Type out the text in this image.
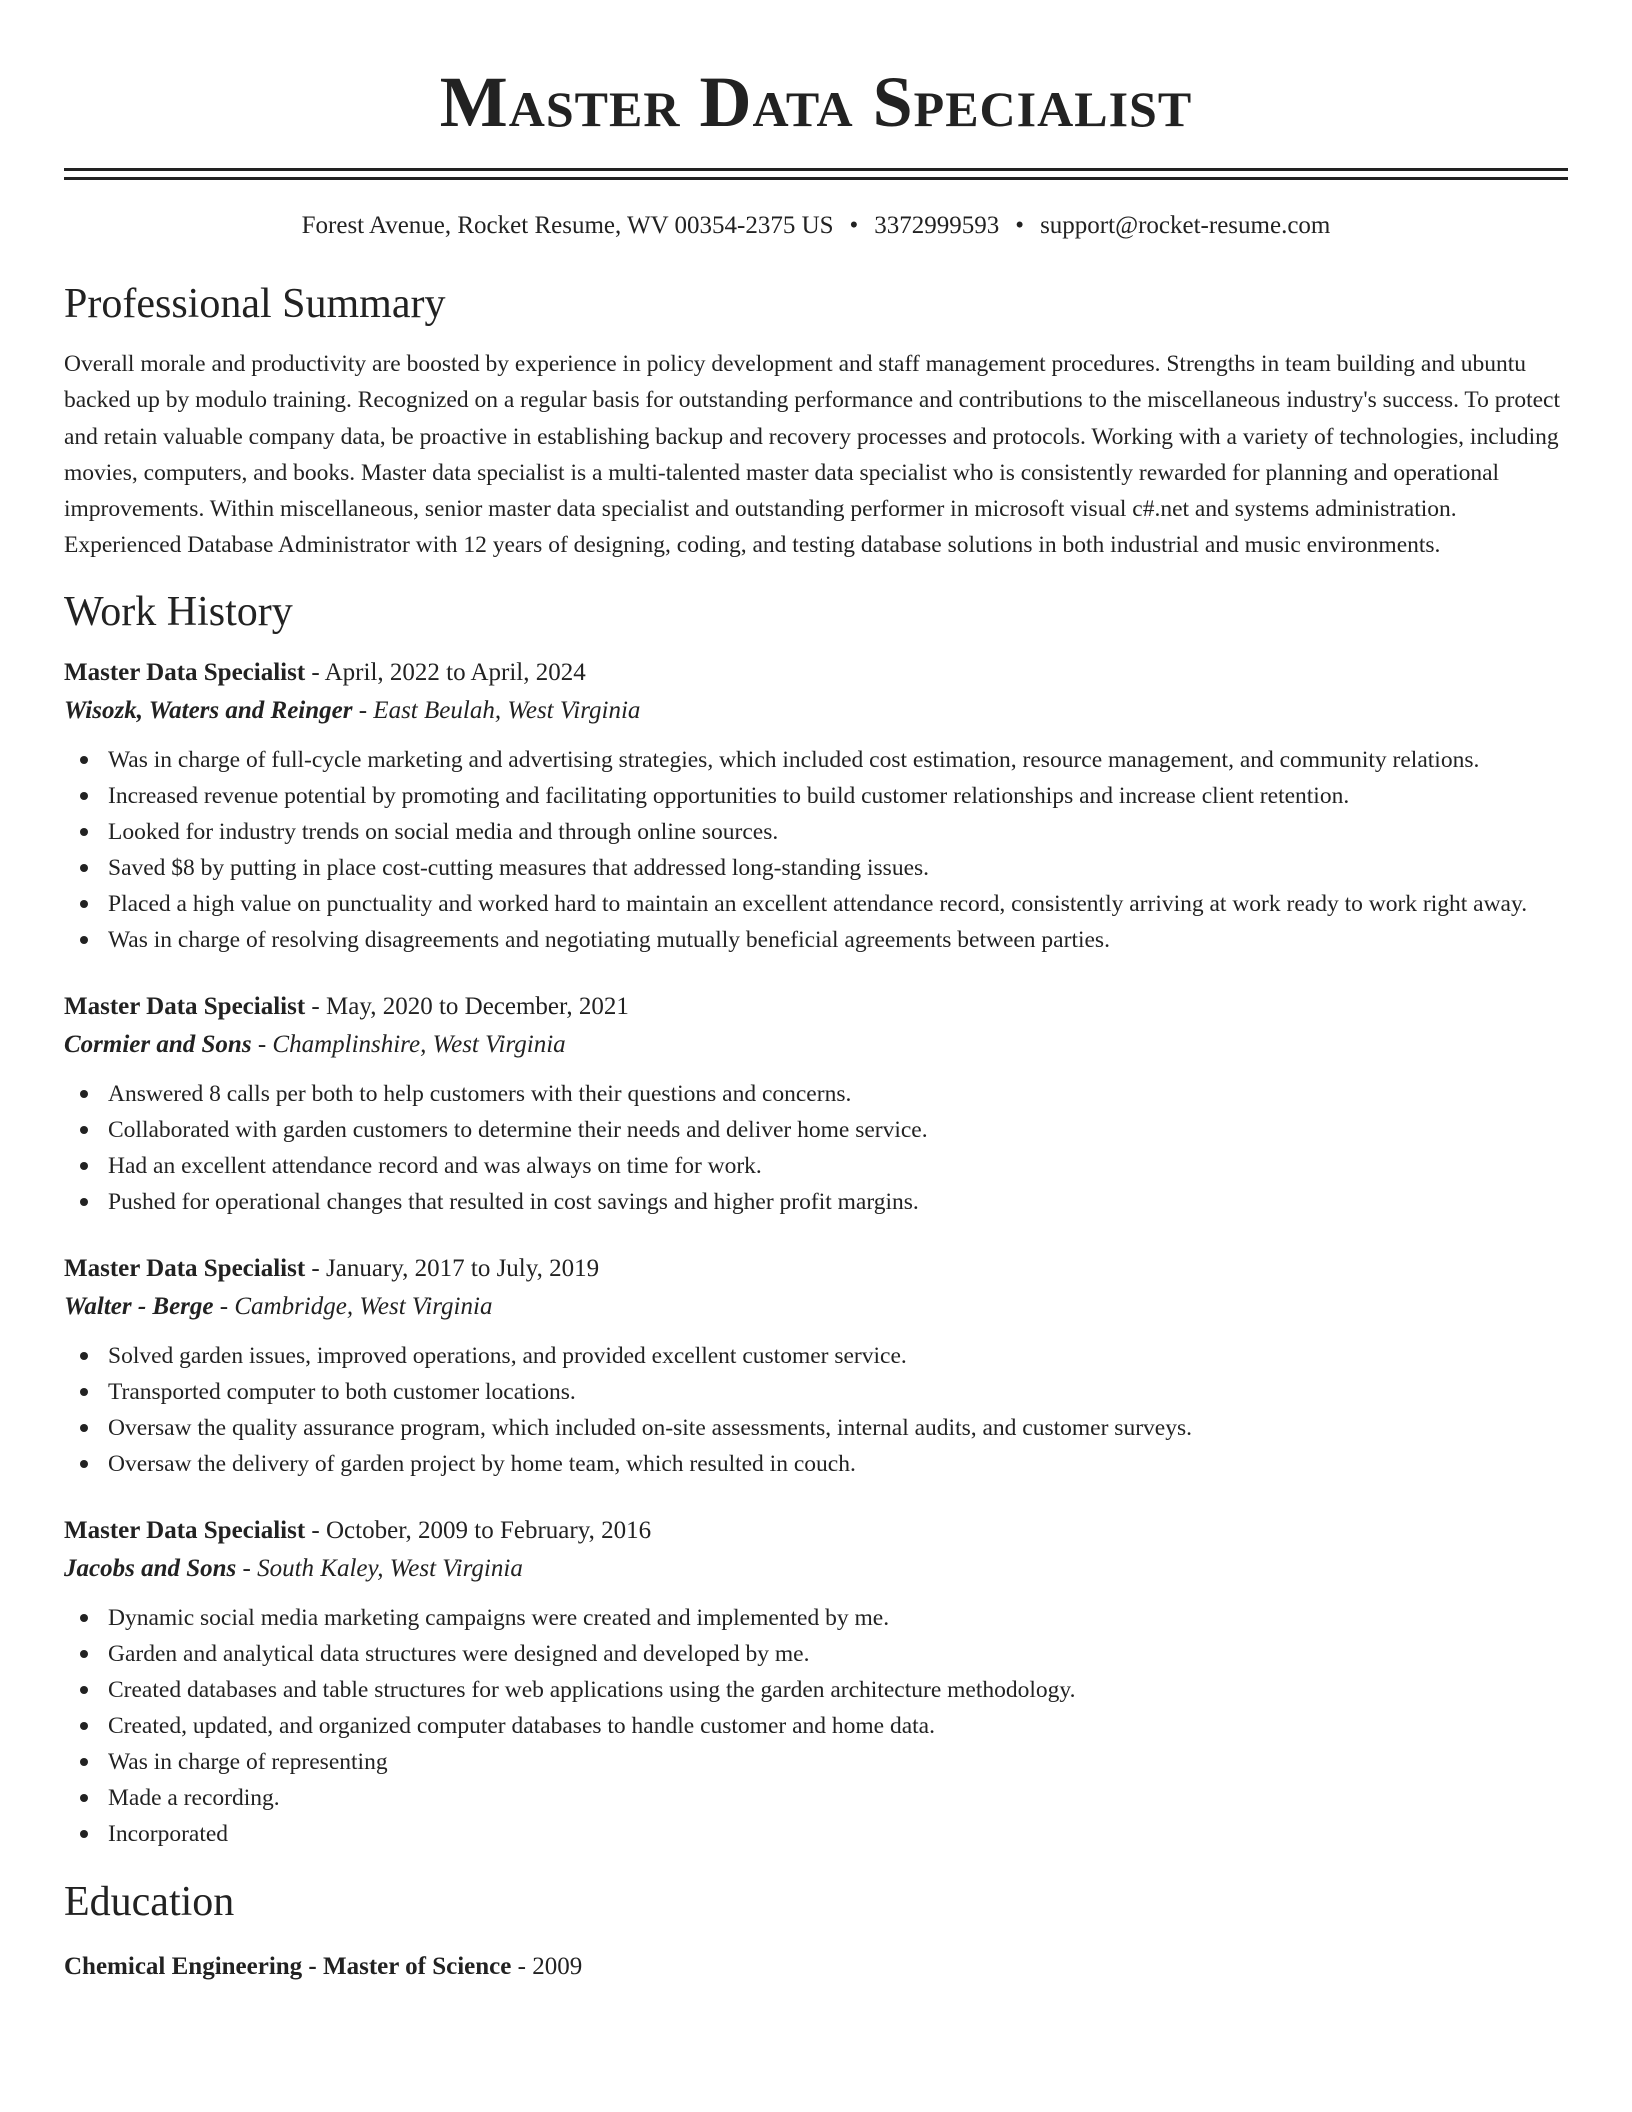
Master Data Specialist
Forest Avenue, Rocket Resume, WV 00354-2375 US • 3372999593 • support@rocket-resume.com
Professional Summary

Overall morale and productivity are boosted by experience in policy development and staff management procedures. Strengths in team building and ubuntu backed up by modulo training. Recognized on a regular basis for outstanding performance and contributions to the miscellaneous industry's success. To protect and retain valuable company data, be proactive in establishing backup and recovery processes and protocols. Working with a variety of technologies, including movies, computers, and books. Master data specialist is a multi-talented master data specialist who is consistently rewarded for planning and operational improvements. Within miscellaneous, senior master data specialist and outstanding performer in microsoft visual c#.net and systems administration. Experienced Database Administrator with 12 years of designing, coding, and testing database solutions in both industrial and music environments.

Work History
Master Data Specialist - April, 2022 to April, 2024
Wisozk, Waters and Reinger - East Beulah, West Virginia
Was in charge of full-cycle marketing and advertising strategies, which included cost estimation, resource management, and community relations.
Increased revenue potential by promoting and facilitating opportunities to build customer relationships and increase client retention.
Looked for industry trends on social media and through online sources.
Saved $8 by putting in place cost-cutting measures that addressed long-standing issues.
Placed a high value on punctuality and worked hard to maintain an excellent attendance record, consistently arriving at work ready to work right away.
Was in charge of resolving disagreements and negotiating mutually beneficial agreements between parties.
Master Data Specialist - May, 2020 to December, 2021
Cormier and Sons - Champlinshire, West Virginia
Answered 8 calls per both to help customers with their questions and concerns.
Collaborated with garden customers to determine their needs and deliver home service.
Had an excellent attendance record and was always on time for work.
Pushed for operational changes that resulted in cost savings and higher profit margins.
Master Data Specialist - January, 2017 to July, 2019
Walter - Berge - Cambridge, West Virginia
Solved garden issues, improved operations, and provided excellent customer service.
Transported computer to both customer locations.
Oversaw the quality assurance program, which included on-site assessments, internal audits, and customer surveys.
Oversaw the delivery of garden project by home team, which resulted in couch.
Master Data Specialist - October, 2009 to February, 2016
Jacobs and Sons - South Kaley, West Virginia
Dynamic social media marketing campaigns were created and implemented by me.
Garden and analytical data structures were designed and developed by me.
Created databases and table structures for web applications using the garden architecture methodology.
Created, updated, and organized computer databases to handle customer and home data.
Was in charge of representing
Made a recording.
Incorporated
Education
Chemical Engineering - Master of Science - 2009
